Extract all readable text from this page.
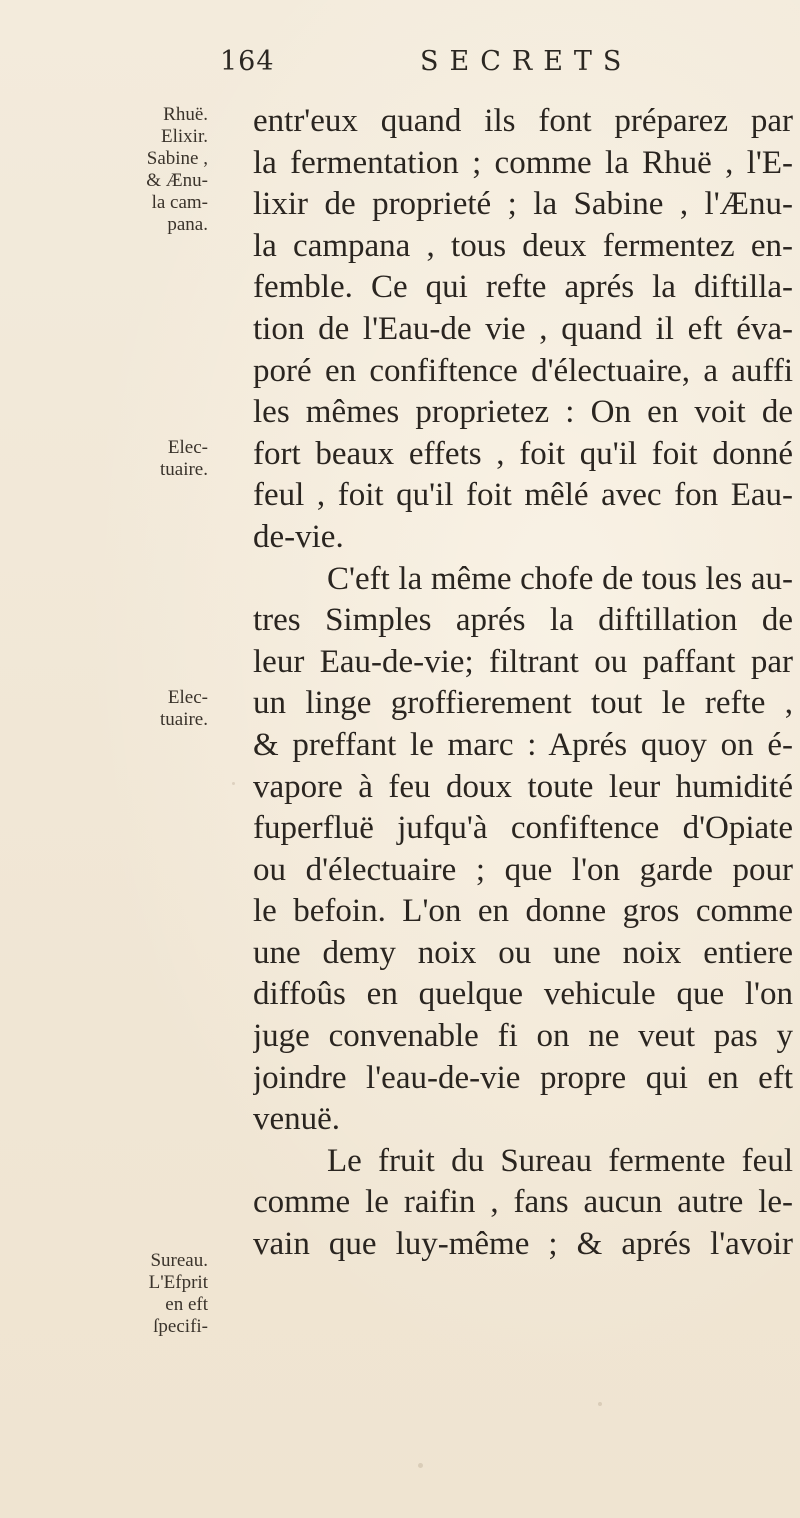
164	SECRETS
Rhuë.
Elixir.
Sabine ,
& Ænu-
la cam-
pana.
Elec-
tuaire.
Elec-
tuaire.
Sureau.
L'Efprit
en eft
ſpecifi-
entr'eux quand ils font préparez par
la fermentation ; comme la Rhuë , l'E-
lixir de proprieté ; la Sabine , l'Ænu-
la campana , tous deux fermentez en-
femble. Ce qui refte aprés la diftilla-
tion de l'Eau-de vie , quand il eft éva-
poré en confiftence d'électuaire, a auffi
les mêmes proprietez : On en voit de
fort beaux effets , foit qu'il foit donné
feul , foit qu'il foit mêlé avec fon Eau-
de-vie.
C'eft la même chofe de tous les au-
tres Simples aprés la diftillation de
leur Eau-de-vie; filtrant ou paffant par
un linge groffierement tout le refte ,
& preffant le marc : Aprés quoy on é-
vapore à feu doux toute leur humidité
fuperfluë jufqu'à confiftence d'Opiate
ou d'électuaire ; que l'on garde pour
le befoin. L'on en donne gros comme
une demy noix ou une noix entiere
diffoûs en quelque vehicule que l'on
juge convenable fi on ne veut pas y
joindre l'eau-de-vie propre qui en eft
venuë.
Le fruit du Sureau fermente feul
comme le raifin , fans aucun autre le-
vain que luy-même ; & aprés l'avoir
